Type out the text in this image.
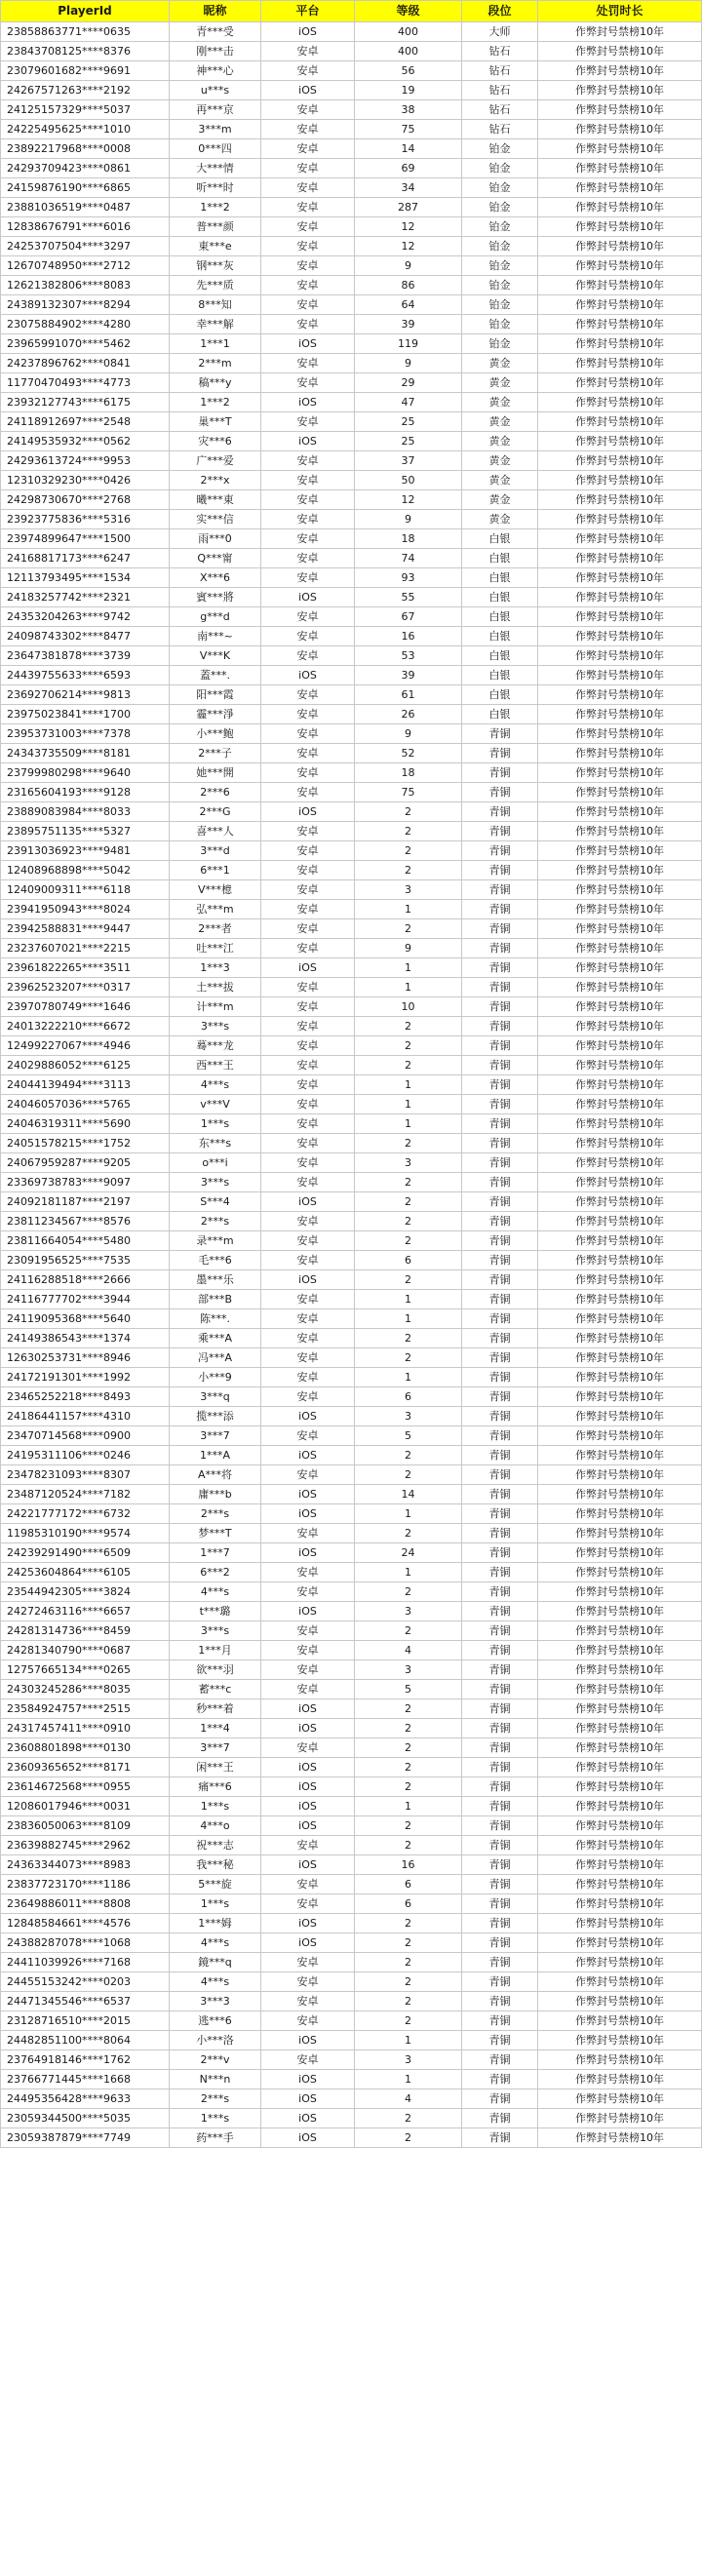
PlayerId	昵称	平台	等级	段位	处罚时长
23858863771****0635	青***受	iOS	400	大师	作弊封号禁榜10年
23843708125****8376	刚***击	安卓	400	钻石	作弊封号禁榜10年
23079601682****9691	神***心	安卓	56	钻石	作弊封号禁榜10年
24267571263****2192	u***s	iOS	19	钻石	作弊封号禁榜10年
24125157329****5037	再***京	安卓	38	钻石	作弊封号禁榜10年
24225495625****1010	3***m	安卓	75	钻石	作弊封号禁榜10年
23892217968****0008	0***四	安卓	14	铂金	作弊封号禁榜10年
24293709423****0861	大***情	安卓	69	铂金	作弊封号禁榜10年
24159876190****6865	听***时	安卓	34	铂金	作弊封号禁榜10年
23881036519****0487	1***2	安卓	287	铂金	作弊封号禁榜10年
12838676791****6016	普***颜	安卓	12	铂金	作弊封号禁榜10年
24253707504****3297	東***e	安卓	12	铂金	作弊封号禁榜10年
12670748950****2712	钢***灰	安卓	9	铂金	作弊封号禁榜10年
12621382806****8083	先***质	安卓	86	铂金	作弊封号禁榜10年
24389132307****8294	8***知	安卓	64	铂金	作弊封号禁榜10年
23075884902****4280	幸***解	安卓	39	铂金	作弊封号禁榜10年
23965991070****5462	1***1	iOS	119	铂金	作弊封号禁榜10年
24237896762****0841	2***m	安卓	9	黄金	作弊封号禁榜10年
11770470493****4773	稿***y	安卓	29	黄金	作弊封号禁榜10年
23932127743****6175	1***2	iOS	47	黄金	作弊封号禁榜10年
24118912697****2548	巢***T	安卓	25	黄金	作弊封号禁榜10年
24149535932****0562	灾***6	iOS	25	黄金	作弊封号禁榜10年
24293613724****9953	广***爱	安卓	37	黄金	作弊封号禁榜10年
12310329230****0426	2***x	安卓	50	黄金	作弊封号禁榜10年
24298730670****2768	曦***東	安卓	12	黄金	作弊封号禁榜10年
23923775836****5316	实***信	安卓	9	黄金	作弊封号禁榜10年
23974899647****1500	雨***0	安卓	18	白银	作弊封号禁榜10年
24168817173****6247	Q***甯	安卓	74	白银	作弊封号禁榜10年
12113793495****1534	X***6	安卓	93	白银	作弊封号禁榜10年
24183257742****2321	賓***將	iOS	55	白银	作弊封号禁榜10年
24353204263****9742	g***d	安卓	67	白银	作弊封号禁榜10年
24098743302****8477	南***~	安卓	16	白银	作弊封号禁榜10年
23647381878****3739	V***K	安卓	53	白银	作弊封号禁榜10年
24439755633****6593	蓋***.	iOS	39	白银	作弊封号禁榜10年
23692706214****9813	阳***霞	安卓	61	白银	作弊封号禁榜10年
23975023841****1700	霾***淨	安卓	26	白银	作弊封号禁榜10年
23953731003****7378	小***鲍	安卓	9	青铜	作弊封号禁榜10年
24343735509****8181	2***子	安卓	52	青铜	作弊封号禁榜10年
23799980298****9640	她***開	安卓	18	青铜	作弊封号禁榜10年
23165604193****9128	2***6	安卓	75	青铜	作弊封号禁榜10年
23889083984****8033	2***G	iOS	2	青铜	作弊封号禁榜10年
23895751135****5327	喜***人	安卓	2	青铜	作弊封号禁榜10年
23913036923****9481	3***d	安卓	2	青铜	作弊封号禁榜10年
12408968898****5042	6***1	安卓	2	青铜	作弊封号禁榜10年
12409009311****6118	V***檍	安卓	3	青铜	作弊封号禁榜10年
23941950943****8024	弘***m	安卓	1	青铜	作弊封号禁榜10年
23942588831****9447	2***者	安卓	2	青铜	作弊封号禁榜10年
23237607021****2215	吐***江	安卓	9	青铜	作弊封号禁榜10年
23961822265****3511	1***3	iOS	1	青铜	作弊封号禁榜10年
23962523207****0317	土***拔	安卓	1	青铜	作弊封号禁榜10年
23970780749****1646	计***m	安卓	10	青铜	作弊封号禁榜10年
24013222210****6672	3***s	安卓	2	青铜	作弊封号禁榜10年
12499227067****4946	蓦***龙	安卓	2	青铜	作弊封号禁榜10年
24029886052****6125	西***王	安卓	2	青铜	作弊封号禁榜10年
24044139494****3113	4***s	安卓	1	青铜	作弊封号禁榜10年
24046057036****5765	v***V	安卓	1	青铜	作弊封号禁榜10年
24046319311****5690	1***s	安卓	1	青铜	作弊封号禁榜10年
24051578215****1752	东***s	安卓	2	青铜	作弊封号禁榜10年
24067959287****9205	o***i	安卓	3	青铜	作弊封号禁榜10年
23369738783****9097	3***s	安卓	2	青铜	作弊封号禁榜10年
24092181187****2197	S***4	iOS	2	青铜	作弊封号禁榜10年
23811234567****8576	2***s	安卓	2	青铜	作弊封号禁榜10年
23811664054****5480	录***m	安卓	2	青铜	作弊封号禁榜10年
23091956525****7535	毛***6	安卓	6	青铜	作弊封号禁榜10年
24116288518****2666	墨***乐	iOS	2	青铜	作弊封号禁榜10年
24116777702****3944	部***B	安卓	1	青铜	作弊封号禁榜10年
24119095368****5640	陈***.	安卓	1	青铜	作弊封号禁榜10年
24149386543****1374	乘***A	安卓	2	青铜	作弊封号禁榜10年
12630253731****8946	冯***A	安卓	2	青铜	作弊封号禁榜10年
24172191301****1992	小***9	安卓	1	青铜	作弊封号禁榜10年
23465252218****8493	3***q	安卓	6	青铜	作弊封号禁榜10年
24186441157****4310	揽***添	iOS	3	青铜	作弊封号禁榜10年
23470714568****0900	3***7	安卓	5	青铜	作弊封号禁榜10年
24195311106****0246	1***A	iOS	2	青铜	作弊封号禁榜10年
23478231093****8307	A***将	安卓	2	青铜	作弊封号禁榜10年
23487120524****7182	庸***b	iOS	14	青铜	作弊封号禁榜10年
24221777172****6732	2***s	iOS	1	青铜	作弊封号禁榜10年
11985310190****9574	梦***T	安卓	2	青铜	作弊封号禁榜10年
24239291490****6509	1***7	iOS	24	青铜	作弊封号禁榜10年
24253604864****6105	6***2	安卓	1	青铜	作弊封号禁榜10年
23544942305****3824	4***s	安卓	2	青铜	作弊封号禁榜10年
24272463116****6657	t***璐	iOS	3	青铜	作弊封号禁榜10年
24281314736****8459	3***s	安卓	2	青铜	作弊封号禁榜10年
24281340790****0687	1***月	安卓	4	青铜	作弊封号禁榜10年
12757665134****0265	欲***羽	安卓	3	青铜	作弊封号禁榜10年
24303245286****8035	蓄***c	安卓	5	青铜	作弊封号禁榜10年
23584924757****2515	秒***着	iOS	2	青铜	作弊封号禁榜10年
24317457411****0910	1***4	iOS	2	青铜	作弊封号禁榜10年
23608801898****0130	3***7	安卓	2	青铜	作弊封号禁榜10年
23609365652****8171	闲***王	iOS	2	青铜	作弊封号禁榜10年
23614672568****0955	痛***6	iOS	2	青铜	作弊封号禁榜10年
12086017946****0031	1***s	iOS	1	青铜	作弊封号禁榜10年
23836050063****8109	4***o	iOS	2	青铜	作弊封号禁榜10年
23639882745****2962	祝***志	安卓	2	青铜	作弊封号禁榜10年
24363344073****8983	我***秘	iOS	16	青铜	作弊封号禁榜10年
23837723170****1186	5***旋	安卓	6	青铜	作弊封号禁榜10年
23649886011****8808	1***s	安卓	6	青铜	作弊封号禁榜10年
12848584661****4576	1***姆	iOS	2	青铜	作弊封号禁榜10年
24388287078****1068	4***s	iOS	2	青铜	作弊封号禁榜10年
24411039926****7168	鏡***q	安卓	2	青铜	作弊封号禁榜10年
24455153242****0203	4***s	安卓	2	青铜	作弊封号禁榜10年
24471345546****6537	3***3	安卓	2	青铜	作弊封号禁榜10年
23128716510****2015	逃***6	安卓	2	青铜	作弊封号禁榜10年
24482851100****8064	小***洛	iOS	1	青铜	作弊封号禁榜10年
23764918146****1762	2***v	安卓	3	青铜	作弊封号禁榜10年
23766771445****1668	N***n	iOS	1	青铜	作弊封号禁榜10年
24495356428****9633	2***s	iOS	4	青铜	作弊封号禁榜10年
23059344500****5035	1***s	iOS	2	青铜	作弊封号禁榜10年
23059387879****7749	药***手	iOS	2	青铜	作弊封号禁榜10年
